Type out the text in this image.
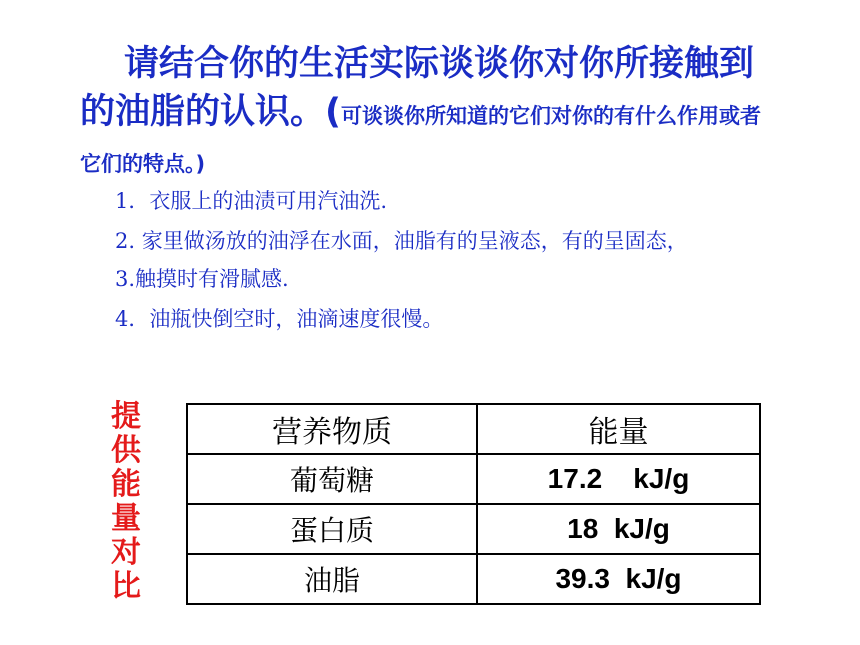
请结合你的生活实际谈谈你对你所接触到的油脂的认识。(可谈谈你所知道的它们对你的有什么作用或者它们的特点。)
1．衣服上的油渍可用汽油洗.
2. 家里做汤放的油浮在水面，油脂有的呈液态，有的呈固态，
3.触摸时有滑腻感.
4．油瓶快倒空时，油滴速度很慢。
提
供
能
量
对
比
营养物质	能量
葡萄糖	17.2    kJ/g
蛋白质	18  kJ/g
油脂	39.3  kJ/g
